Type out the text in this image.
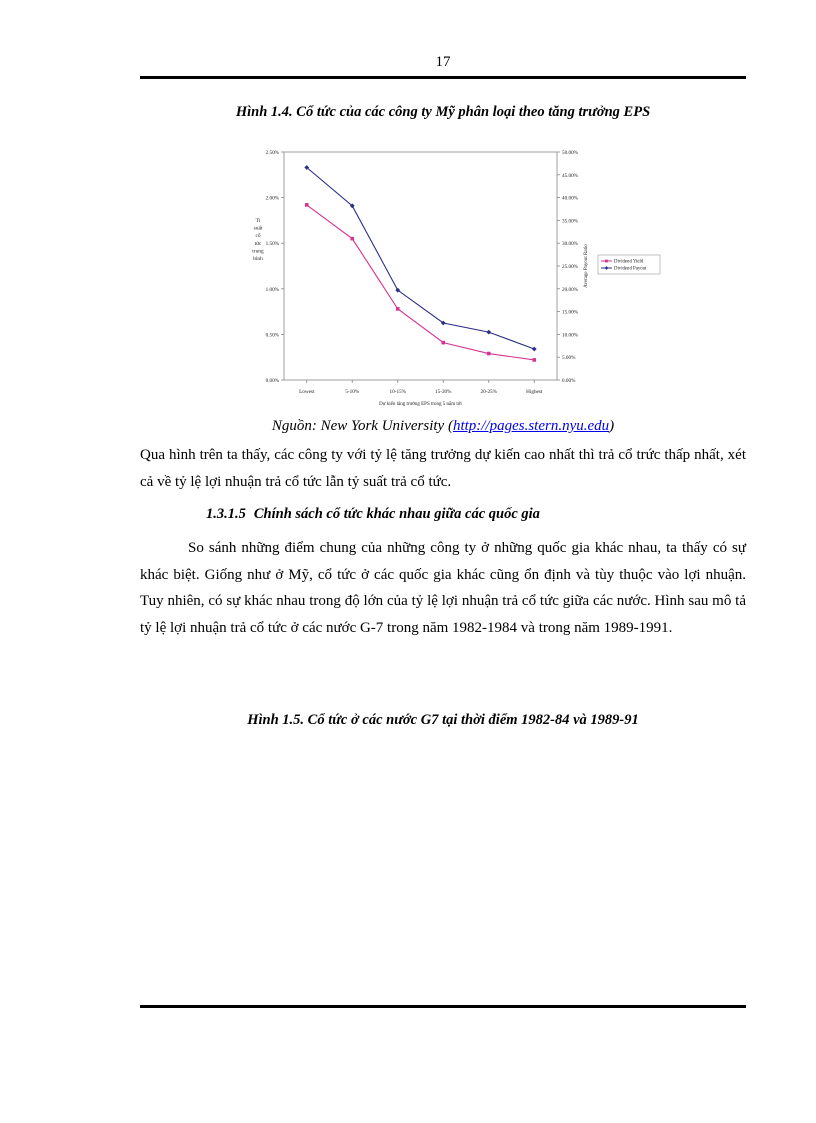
17
Hình 1.4. Cổ tức của các công ty Mỹ phân loại theo tăng trưởng EPS
0.00%
0.50%
1.00%
1.50%
2.00%
2.50%
0.00%
5.00%
10.00%
15.00%
20.00%
25.00%
30.00%
35.00%
40.00%
45.00%
50.00%
Lowest	5-10%	10-15%	15-20%	20-25%	Highest
Dự kiến tăng trưởng EPS trong 5 năm tới
Tỉ
suất
cổ
tức
trung
bình	Average Payout Ratio	Dividend Yield
Dividend Payout
Nguồn: New York University (http://pages.stern.nyu.edu)

Qua hình trên ta thấy, các công ty với tỷ lệ tăng trưởng dự kiến cao nhất thì trả cổ trức thấp nhất, xét cả về tỷ lệ lợi nhuận trả cổ tức lẫn tỷ suất trả cổ tức.

1.3.1.5 Chính sách cổ tức khác nhau giữa các quốc gia

So sánh những điểm chung của những công ty ở những quốc gia khác nhau, ta thấy có sự khác biệt. Giống như ở Mỹ, cổ tức ở các quốc gia khác cũng ổn định và tùy thuộc vào lợi nhuận. Tuy nhiên, có sự khác nhau trong độ lớn của tỷ lệ lợi nhuận trả cổ tức giữa các nước. Hình sau mô tả tỷ lệ lợi nhuận trả cổ tức ở các nước G-7 trong năm 1982-1984 và trong năm 1989-1991.

Hình 1.5. Cổ tức ở các nước G7 tại thời điểm 1982-84 và 1989-91
